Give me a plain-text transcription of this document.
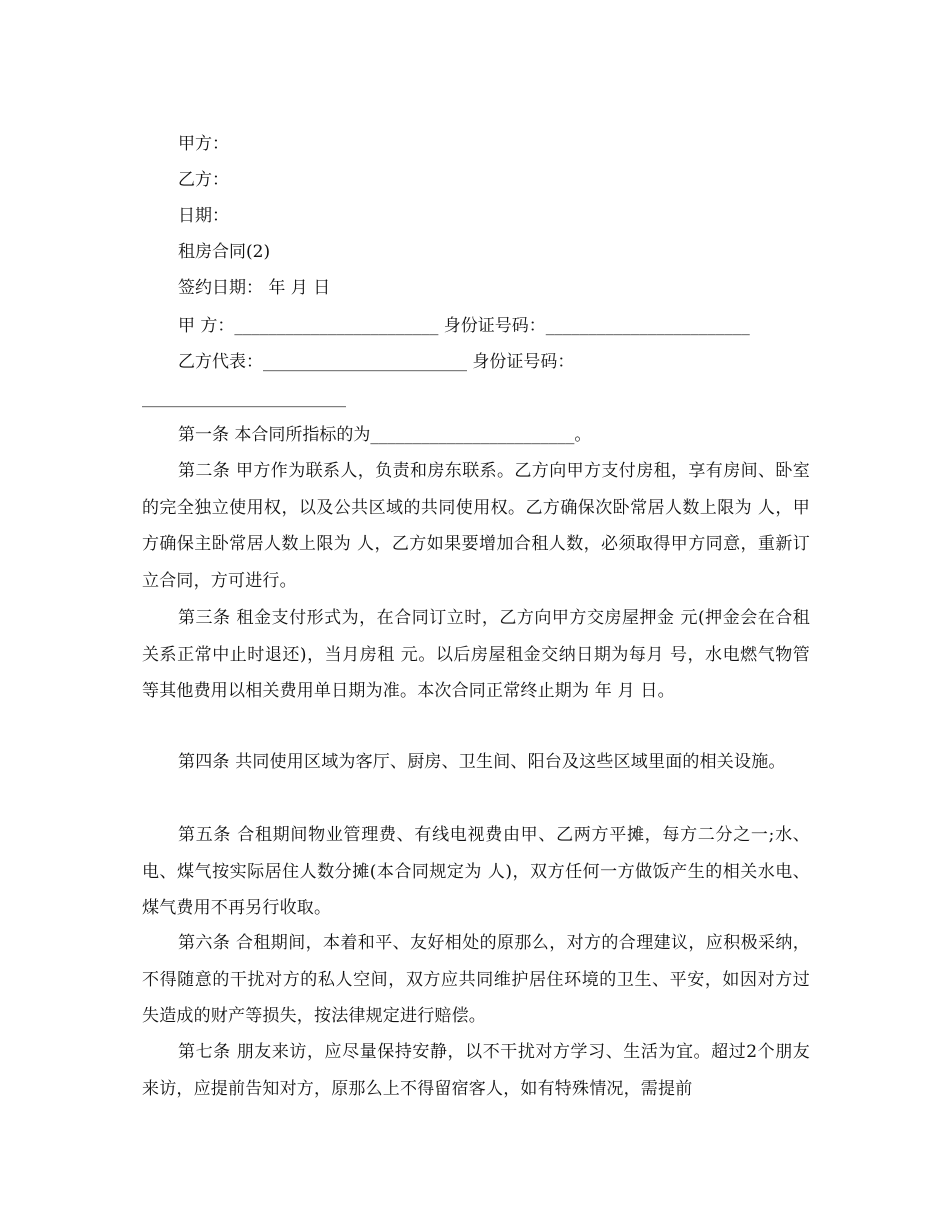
甲方：
乙方：
日期：
租房合同(2)
签约日期： 年 月 日
甲 方：________________________ 身份证号码：________________________
乙方代表：________________________ 身份证号码：
________________________
第一条 本合同所指标的为________________________。
第二条 甲方作为联系人，负责和房东联系。乙方向甲方支付房租，享有房间、卧室的完全独立使用权，以及公共区域的共同使用权。乙方确保次卧常居人数上限为 人，甲方确保主卧常居人数上限为 人，乙方如果要增加合租人数，必须取得甲方同意，重新订立合同，方可进行。
第三条 租金支付形式为，在合同订立时，乙方向甲方交房屋押金 元(押金会在合租关系正常中止时退还)，当月房租 元。以后房屋租金交纳日期为每月 号，水电燃气物管等其他费用以相关费用单日期为准。本次合同正常终止期为 年 月 日。
第四条 共同使用区域为客厅、厨房、卫生间、阳台及这些区域里面的相关设施。
第五条 合租期间物业管理费、有线电视费由甲、乙两方平摊，每方二分之一;水、电、煤气按实际居住人数分摊(本合同规定为 人)，双方任何一方做饭产生的相关水电、煤气费用不再另行收取。
第六条 合租期间，本着和平、友好相处的原那么，对方的合理建议，应积极采纳，不得随意的干扰对方的私人空间，双方应共同维护居住环境的卫生、平安，如因对方过失造成的财产等损失，按法律规定进行赔偿。
第七条 朋友来访，应尽量保持安静，以不干扰对方学习、生活为宜。超过2个朋友来访，应提前告知对方，原那么上不得留宿客人，如有特殊情况，需提前
